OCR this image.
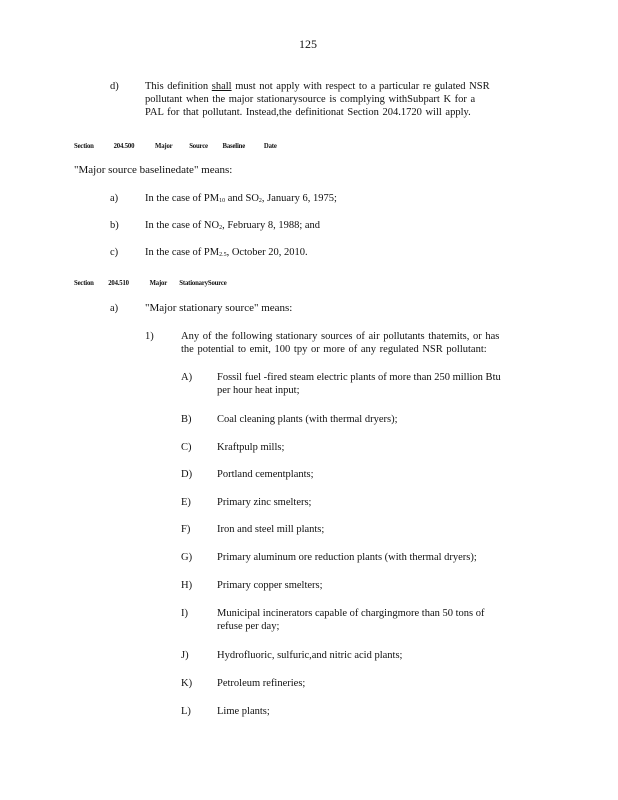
125
d)	This definition shall must not apply with respect to a particular re gulated NSR
pollutant when the major stationarysource is complying withSubpart K for a
PAL for that pollutant. Instead,the definitionat Section 204.1720 will apply.
Section	204.500	Major Source Baseline	Date
"Major source baselinedate" means:
a)	In the case of $PM_{10}$ and $SO_2$, January 6, 1975;
b)	In the case of $NO_2$, February 8, 1988; and
c)	In the case of $PM_{2.5}$, October 20, 2010.
Section 204.510	Major StationarySource
a) "Major stationary source" means:
1)	Any of the following stationary sources of air pollutants thatemits, or has
the potential to emit, 100 tpy or more of any regulated NSR pollutant:
A) Fossil fuel -fired steam electric plants of more than 250 million Btu
per hour heat input;
B) Coal cleaning plants (with thermal dryers);
C) Kraftpulp mills;
D) Portland cementplants;
E) Primary zinc smelters;
F)	Iron and steel mill plants;
G) Primary aluminum ore reduction plants (with thermal dryers);
H) Primary copper smelters;
I)	Municipal incinerators capable of chargingmore than 50 tons of
refuse per day;
J)	Hydrofluoric, sulfuric,and nitric acid plants;
K) Petroleum refineries;
L) Lime plants;
